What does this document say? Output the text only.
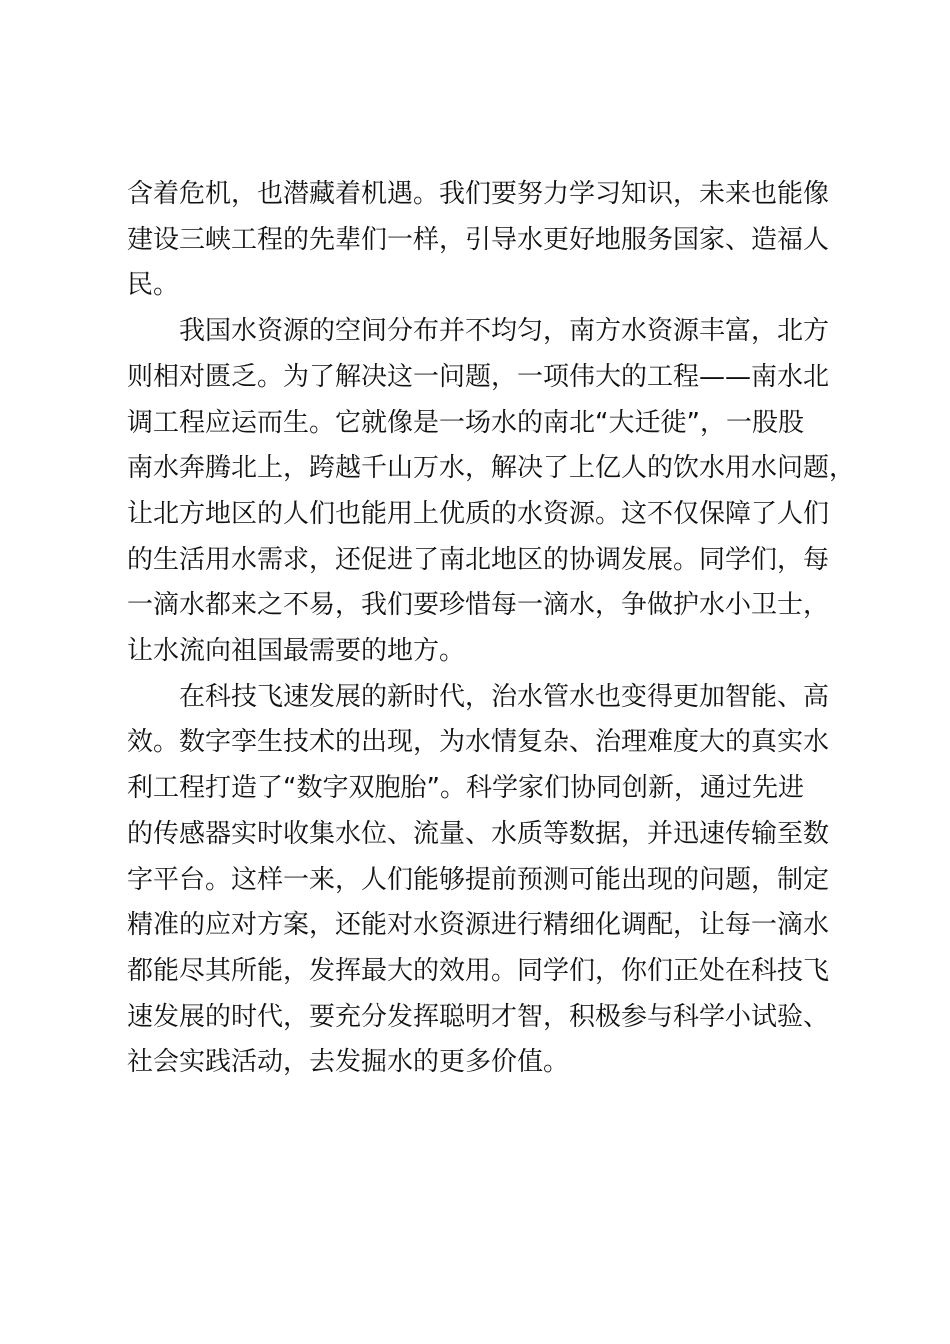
含着危机，也潜藏着机遇。我们要努力学习知识，未来也能像
建设三峡工程的先辈们一样，引导水更好地服务国家、造福人
民。

我国水资源的空间分布并不均匀，南方水资源丰富，北方
则相对匮乏。为了解决这一问题，一项伟大的工程——南水北
调工程应运而生。它就像是一场水的南北“大迁徙”，一股股
南水奔腾北上，跨越千山万水，解决了上亿人的饮水用水问题，
让北方地区的人们也能用上优质的水资源。这不仅保障了人们
的生活用水需求，还促进了南北地区的协调发展。同学们，每
一滴水都来之不易，我们要珍惜每一滴水，争做护水小卫士，
让水流向祖国最需要的地方。

在科技飞速发展的新时代，治水管水也变得更加智能、高
效。数字孪生技术的出现，为水情复杂、治理难度大的真实水
利工程打造了“数字双胞胎”。科学家们协同创新，通过先进
的传感器实时收集水位、流量、水质等数据，并迅速传输至数
字平台。这样一来，人们能够提前预测可能出现的问题，制定
精准的应对方案，还能对水资源进行精细化调配，让每一滴水
都能尽其所能，发挥最大的效用。同学们，你们正处在科技飞
速发展的时代，要充分发挥聪明才智，积极参与科学小试验、
社会实践活动，去发掘水的更多价值。
